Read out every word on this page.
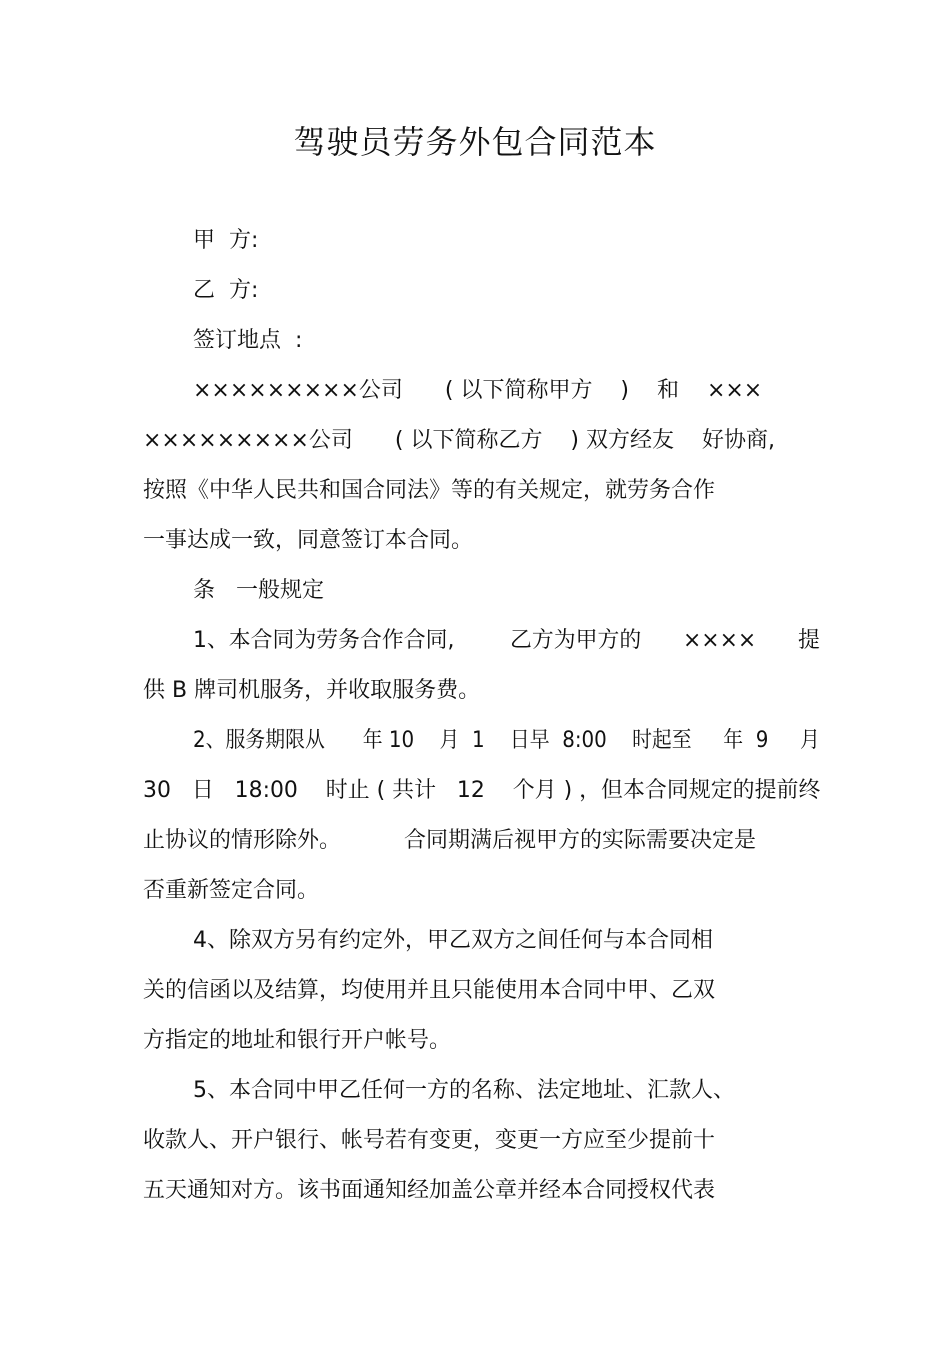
驾驶员劳务外包合同范本
甲  方:
乙  方:
签订地点  :
×××××××××公司      ( 以下简称甲方    )    和    ×××
×××××××××公司      ( 以下简称乙方    ) 双方经友    好协商,
按照《中华人民共和国合同法》等的有关规定，就劳务合作
一事达成一致，同意签订本合同。
条   一般规定
1、本合同为劳务合作合同,        乙方为甲方的      ××××      提
供 B 牌司机服务，并收取服务费。
2、服务期限从      年 10    月  1    日早  8:00    时起至     年  9     月
30   日   18:00    时止 ( 共计   12    个月 ) ，但本合同规定的提前终
止协议的情形除外。         合同期满后视甲方的实际需要决定是
否重新签定合同。
4、除双方另有约定外，甲乙双方之间任何与本合同相
关的信函以及结算，均使用并且只能使用本合同中甲、乙双
方指定的地址和银行开户帐号。
5、本合同中甲乙任何一方的名称、法定地址、汇款人、
收款人、开户银行、帐号若有变更，变更一方应至少提前十
五天通知对方。该书面通知经加盖公章并经本合同授权代表
